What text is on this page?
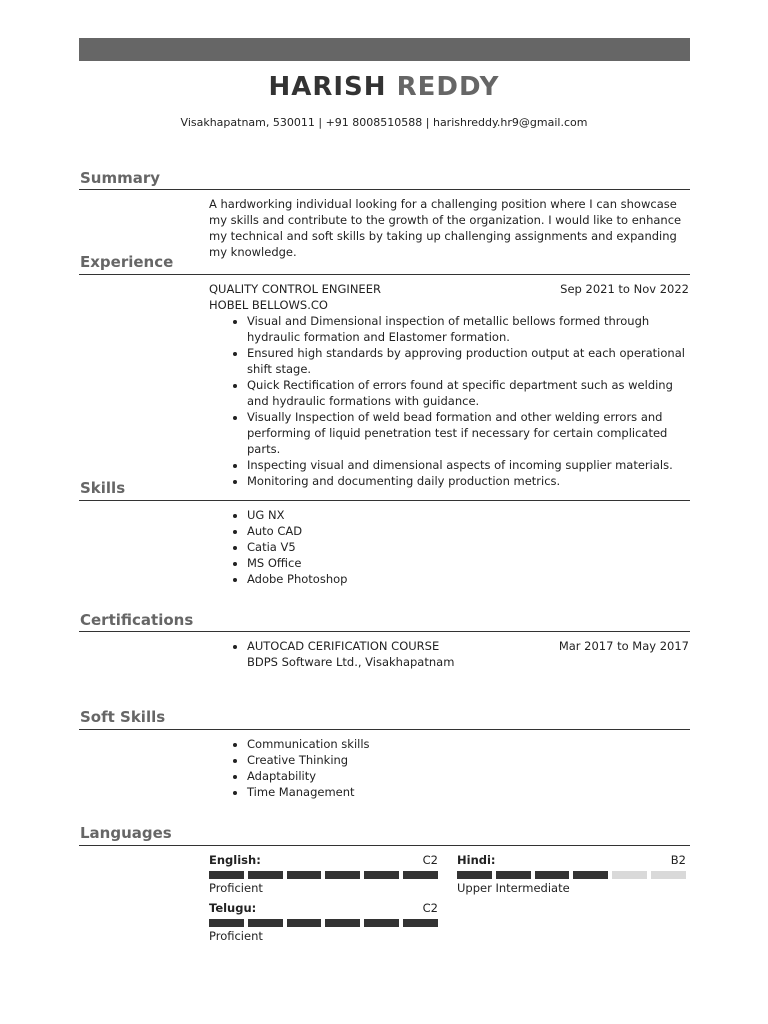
HARISH REDDY
Visakhapatnam, 530011 | +91 8008510588 | harishreddy.hr9@gmail.com
Summary
A hardworking individual looking for a challenging position where I can showcase my skills and contribute to the growth of the organization. I would like to enhance my technical and soft skills by taking up challenging assignments and expanding my knowledge.
Experience
QUALITY CONTROL ENGINEER	Sep 2021 to Nov 2022
HOBEL BELLOWS.CO
• Visual and Dimensional inspection of metallic bellows formed through hydraulic formation and Elastomer formation.
• Ensured high standards by approving production output at each operational shift stage.
• Quick Rectification of errors found at specific department such as welding and hydraulic formations with guidance.
• Visually Inspection of weld bead formation and other welding errors and performing of liquid penetration test if necessary for certain complicated parts.
• Inspecting visual and dimensional aspects of incoming supplier materials.
• Monitoring and documenting daily production metrics.
Skills
• UG NX
• Auto CAD
• Catia V5
• MS Office
• Adobe Photoshop
Certifications
• AUTOCAD CERIFICATION COURSE	Mar 2017 to May 2017
BDPS Software Ltd., Visakhapatnam
Soft Skills
• Communication skills
• Creative Thinking
• Adaptability
• Time Management
Languages
English:	C2
Proficient
Hindi:	B2
Upper Intermediate
Telugu:	C2
Proficient
